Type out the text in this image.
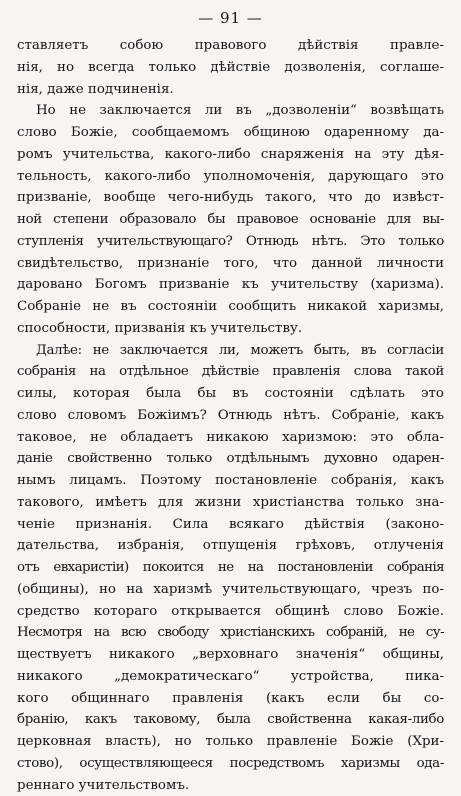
— 91 —
ставляетъ собою правового дѣйствія правле-
нія, но всегда только дѣйствіе дозволенія, соглаше-
нія, даже подчиненія.
Но не заключается ли въ „дозволеніи“ возвѣщать
слово Божіе, сообщаемомъ общиною одаренному да-
ромъ учительства, какого-либо снаряженія на эту дѣя-
тельность, какого-либо уполномоченія, дарующаго это
призваніе, вообще чего-нибудь такого, что до извѣст-
ной степени образовало бы правовое основаніе для вы-
ступленія учительствующаго? Отнюдь нѣтъ. Это только
свидѣтельство, признаніе того, что данной личности
даровано Богомъ призваніе къ учительству (харизма).
Собраніе не въ состояніи сообщить никакой харизмы,
способности, призванія къ учительству.
Далѣе: не заключается ли, можетъ быть, въ согласіи
собранія на отдѣльное дѣйствіе правленія слова такой
силы, которая была бы въ состояніи сдѣлать это
слово словомъ Божіимъ? Отнюдь нѣтъ. Собраніе, какъ
таковое, не обладаетъ никакою харизмою: это обла-
даніе свойственно только отдѣльнымъ духовно одарен-
нымъ лицамъ. Поэтому постановленіе собранія, какъ
такового, имѣетъ для жизни христіанства только зна-
ченіе признанія. Сила всякаго дѣйствія (законо-
дательства, избранія, отпущенія грѣховъ, отлученія
отъ евхаристіи) покоится не на постановленіи собранія
(общины), но на харизмѣ учительствующаго, чрезъ по-
средство котораго открывается общинѣ слово Божіе.
Несмотря на всю свободу христіанскихъ собраній, не су-
ществуетъ никакого „верховнаго значенія“ общины,
никакого „демократическаго“ устройства, пика-
кого общиннаго правленія (какъ если бы со-
бранію, какъ таковому, была свойственна какая-либо
церковная власть), но только правленіе Божіе (Хри-
стово), осуществляющееся посредствомъ харизмы ода-
реннаго учительствомъ.
